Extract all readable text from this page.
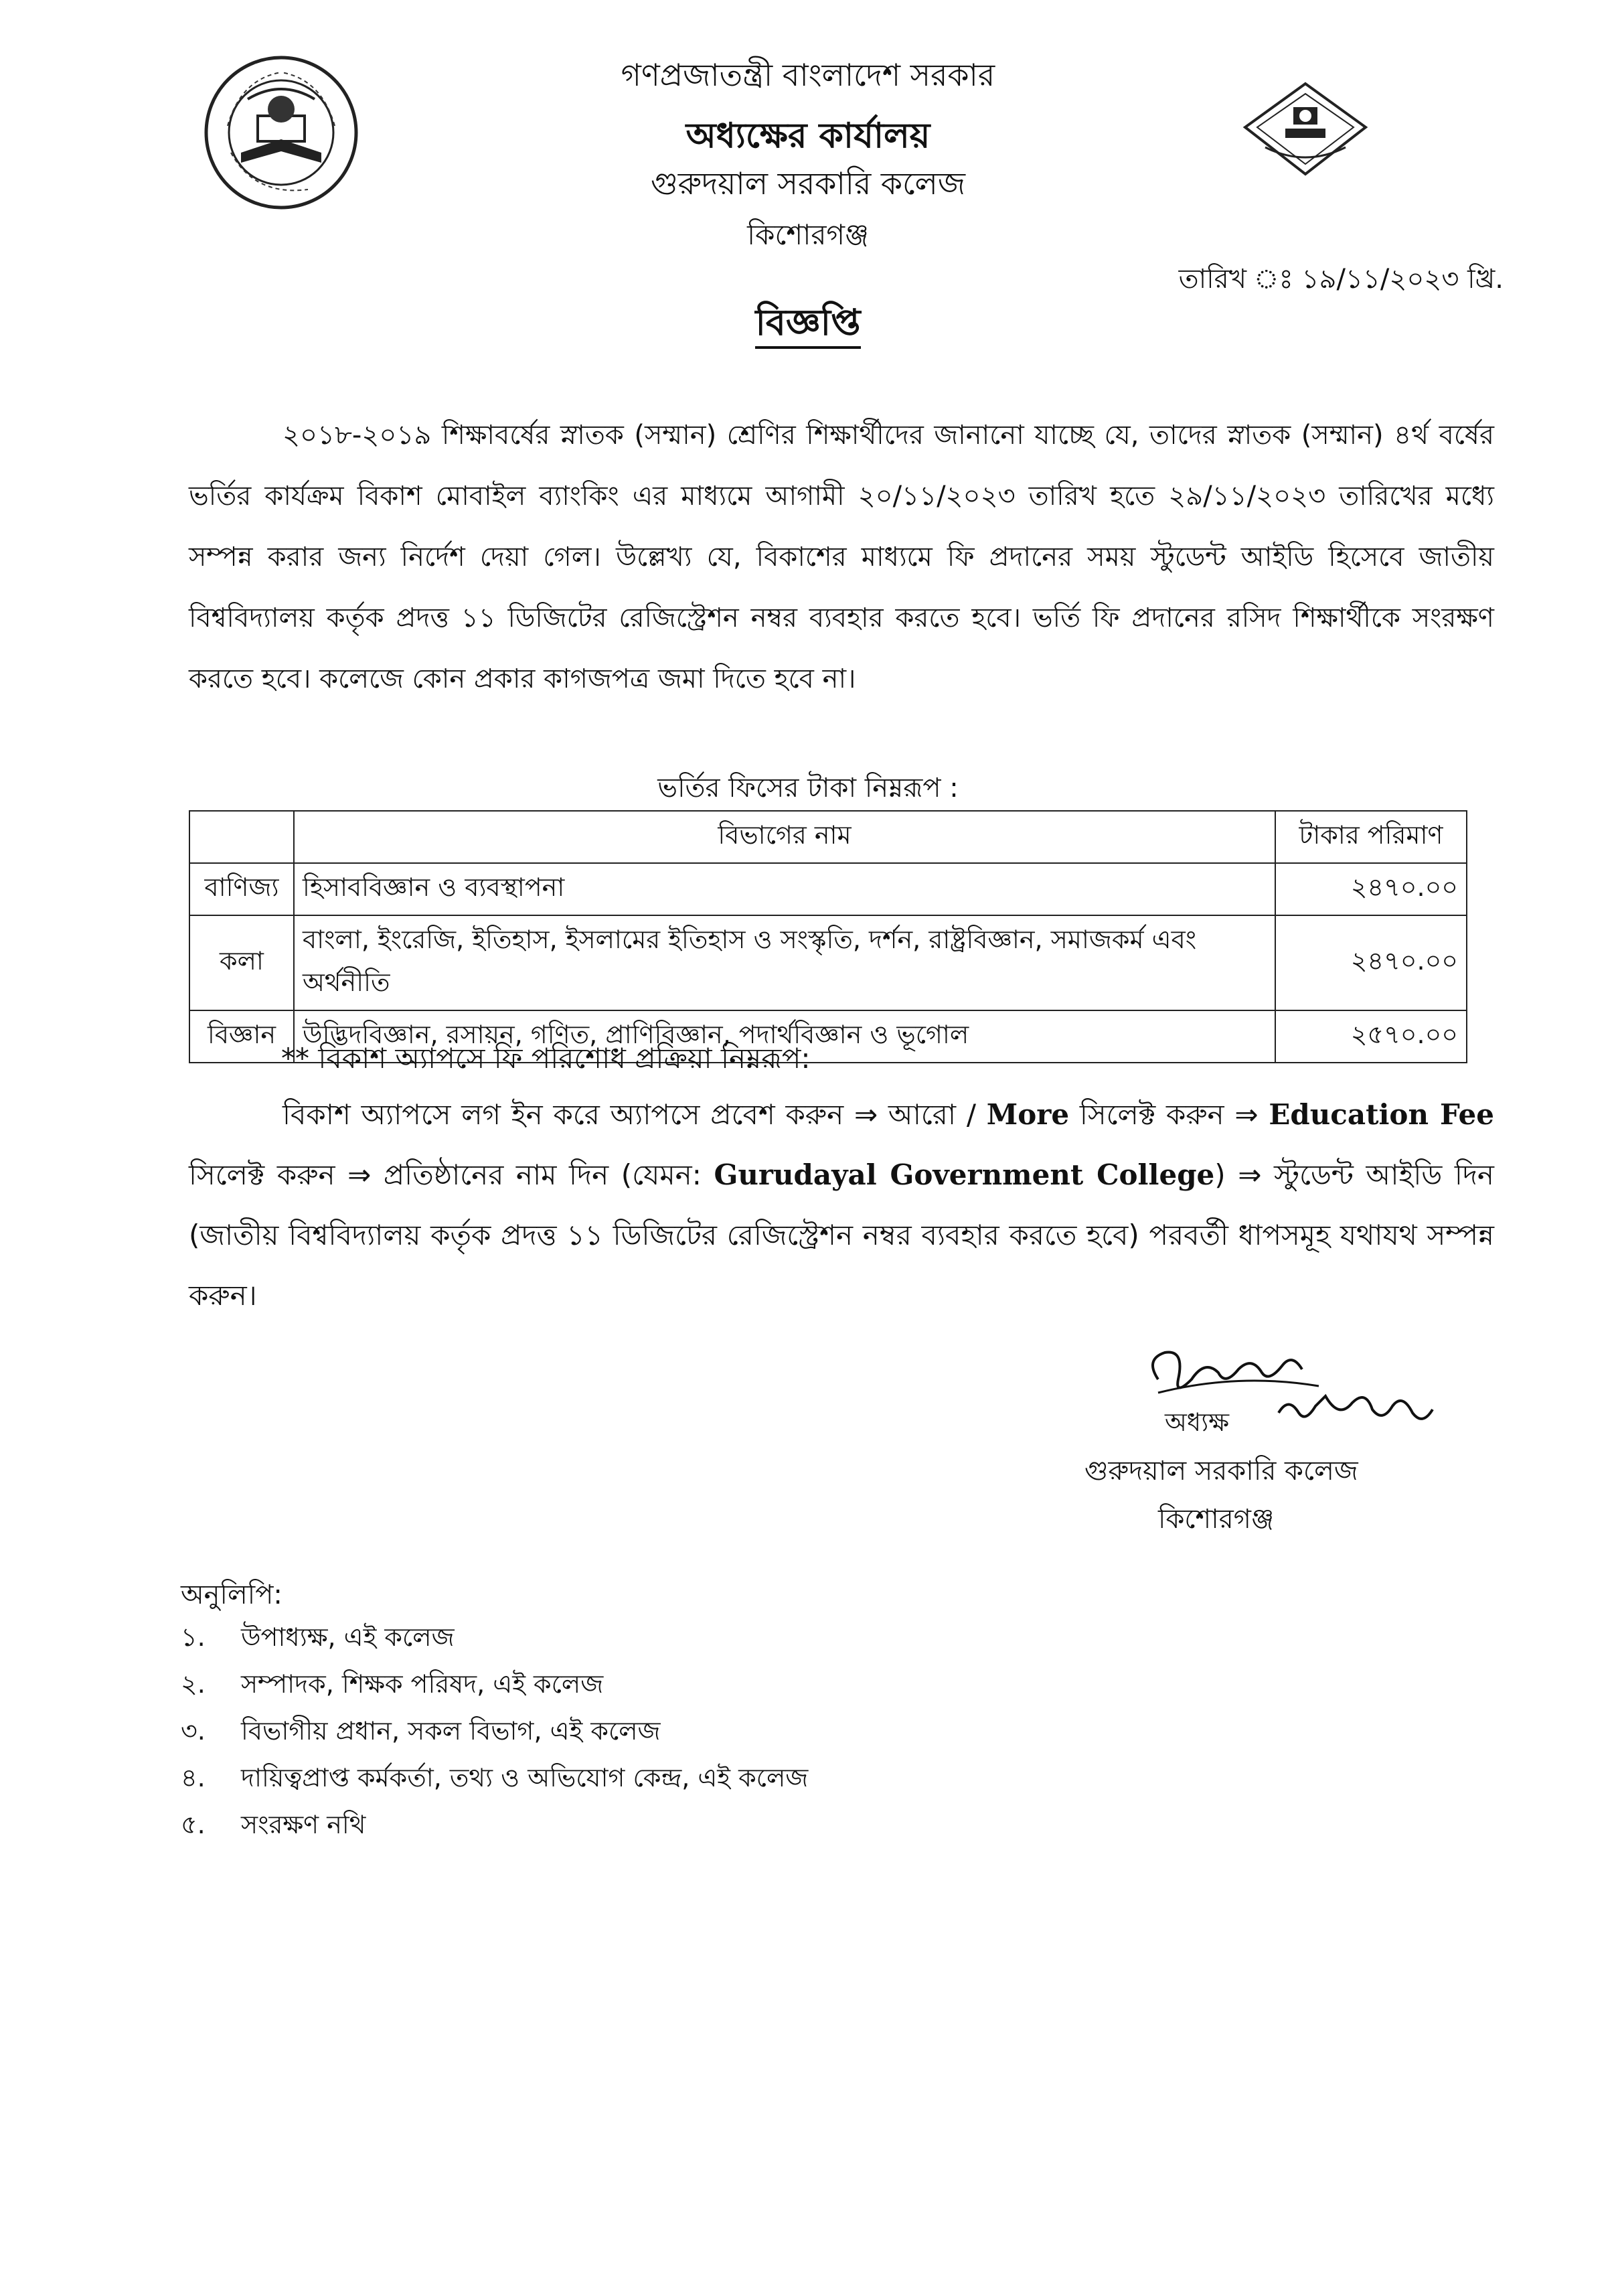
গণপ্রজাতন্ত্রী বাংলাদেশ সরকার
অধ্যক্ষের কার্যালয়
গুরুদয়াল সরকারি কলেজ
কিশোরগঞ্জ
তারিখ ঃ ১৯/১১/২০২৩ খ্রি.
বিজ্ঞপ্তি
২০১৮-২০১৯ শিক্ষাবর্ষের স্নাতক (সম্মান) শ্রেণির শিক্ষার্থীদের জানানো যাচ্ছে যে, তাদের স্নাতক (সম্মান) ৪র্থ বর্ষের ভর্তির কার্যক্রম বিকাশ মোবাইল ব্যাংকিং এর মাধ্যমে আগামী ২০/১১/২০২৩ তারিখ হতে ২৯/১১/২০২৩ তারিখের মধ্যে সম্পন্ন করার জন্য নির্দেশ দেয়া গেল। উল্লেখ্য যে, বিকাশের মাধ্যমে ফি প্রদানের সময় স্টুডেন্ট আইডি হিসেবে জাতীয় বিশ্ববিদ্যালয় কর্তৃক প্রদত্ত ১১ ডিজিটের রেজিস্ট্রেশন নম্বর ব্যবহার করতে হবে। ভর্তি ফি প্রদানের রসিদ শিক্ষার্থীকে সংরক্ষণ করতে হবে। কলেজে কোন প্রকার কাগজপত্র জমা দিতে হবে না।
ভর্তির ফিসের টাকা নিম্নরূপ :
	বিভাগের নাম	টাকার পরিমাণ
বাণিজ্য	হিসাববিজ্ঞান ও ব্যবস্থাপনা	২৪৭০.০০
কলা	বাংলা, ইংরেজি, ইতিহাস, ইসলামের ইতিহাস ও সংস্কৃতি, দর্শন, রাষ্ট্রবিজ্ঞান, সমাজকর্ম এবং অর্থনীতি	২৪৭০.০০
বিজ্ঞান	উদ্ভিদবিজ্ঞান, রসায়ন, গণিত, প্রাণিবিজ্ঞান, পদার্থবিজ্ঞান ও ভূগোল	২৫৭০.০০
** বিকাশ অ্যাপসে ফি পরিশোধ প্রক্রিয়া নিম্নরূপ:
বিকাশ অ্যাপসে লগ ইন করে অ্যাপসে প্রবেশ করুন ⇒ আরো / More সিলেক্ট করুন ⇒ Education Fee সিলেক্ট করুন ⇒ প্রতিষ্ঠানের নাম দিন (যেমন: Gurudayal Government College) ⇒ স্টুডেন্ট আইডি দিন (জাতীয় বিশ্ববিদ্যালয় কর্তৃক প্রদত্ত ১১ ডিজিটের রেজিস্ট্রেশন নম্বর ব্যবহার করতে হবে) পরবর্তী ধাপসমূহ যথাযথ সম্পন্ন করুন।
অধ্যক্ষ
গুরুদয়াল সরকারি কলেজ
কিশোরগঞ্জ
অনুলিপি:
১. উপাধ্যক্ষ, এই কলেজ
২. সম্পাদক, শিক্ষক পরিষদ, এই কলেজ
৩. বিভাগীয় প্রধান, সকল বিভাগ, এই কলেজ
৪. দায়িত্বপ্রাপ্ত কর্মকর্তা, তথ্য ও অভিযোগ কেন্দ্র, এই কলেজ
৫. সংরক্ষণ নথি
